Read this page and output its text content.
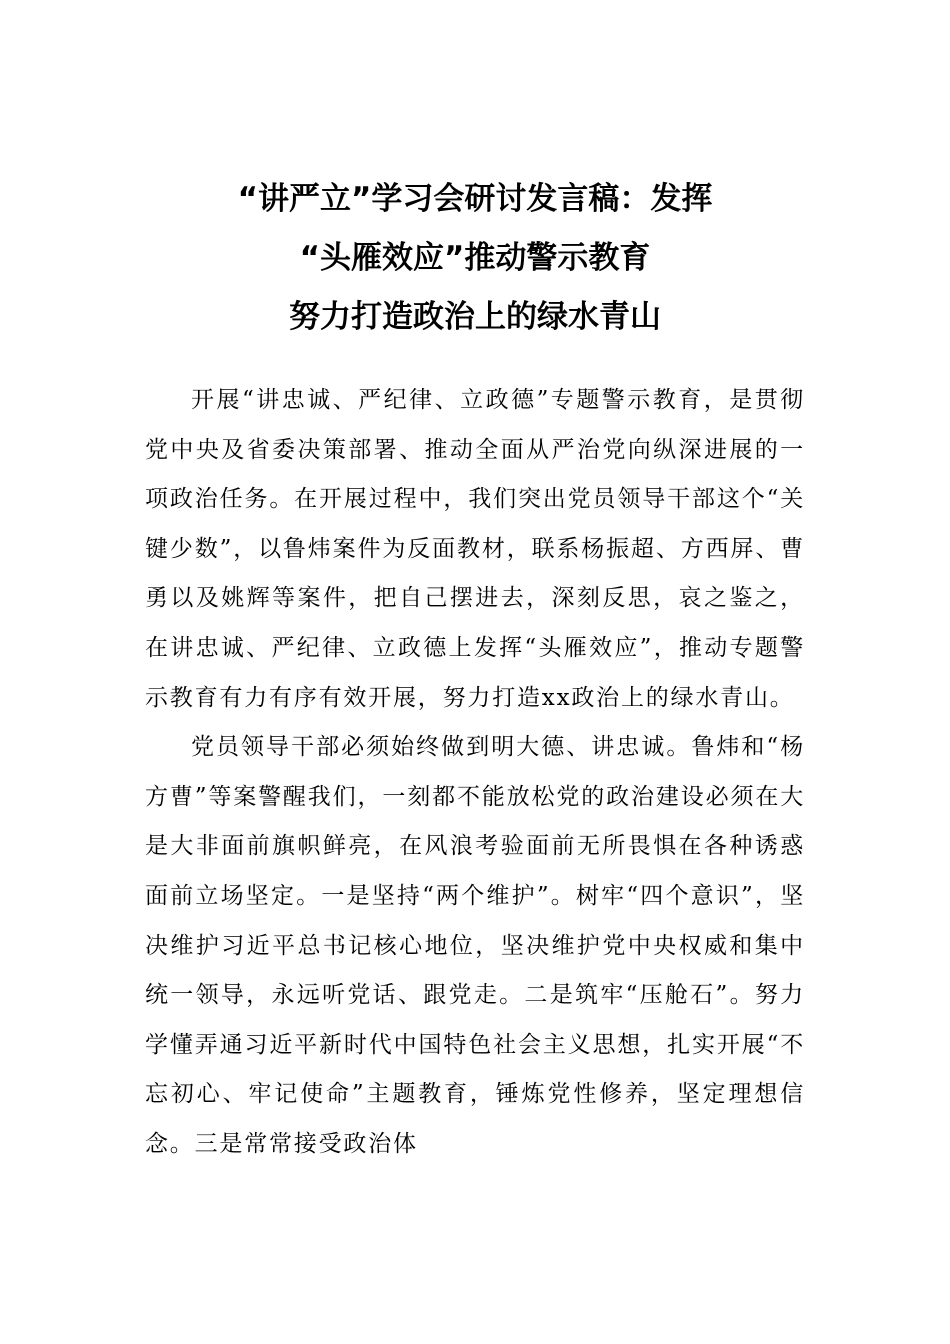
“讲严立”学习会研讨发言稿：发挥
“头雁效应”推动警示教育
努力打造政治上的绿水青山

开展“讲忠诚、严纪律、立政德”专题警示教育，是贯彻党中央及省委决策部署、推动全面从严治党向纵深进展的一项政治任务。在开展过程中，我们突出党员领导干部这个“关键少数”，以鲁炜案件为反面教材，联系杨振超、方西屏、曹勇以及姚辉等案件，把自己摆进去，深刻反思，哀之鉴之，在讲忠诚、严纪律、立政德上发挥“头雁效应”，推动专题警示教育有力有序有效开展，努力打造xx政治上的绿水青山。

党员领导干部必须始终做到明大德、讲忠诚。鲁炜和“杨方曹”等案警醒我们，一刻都不能放松党的政治建设必须在大是大非面前旗帜鲜亮，在风浪考验面前无所畏惧在各种诱惑面前立场坚定。一是坚持“两个维护”。树牢“四个意识”，坚决维护习近平总书记核心地位，坚决维护党中央权威和集中统一领导，永远听党话、跟党走。二是筑牢“压舱石”。努力学懂弄通习近平新时代中国特色社会主义思想，扎实开展“不忘初心、牢记使命”主题教育，锤炼党性修养，坚定理想信念。三是常常接受政治体
